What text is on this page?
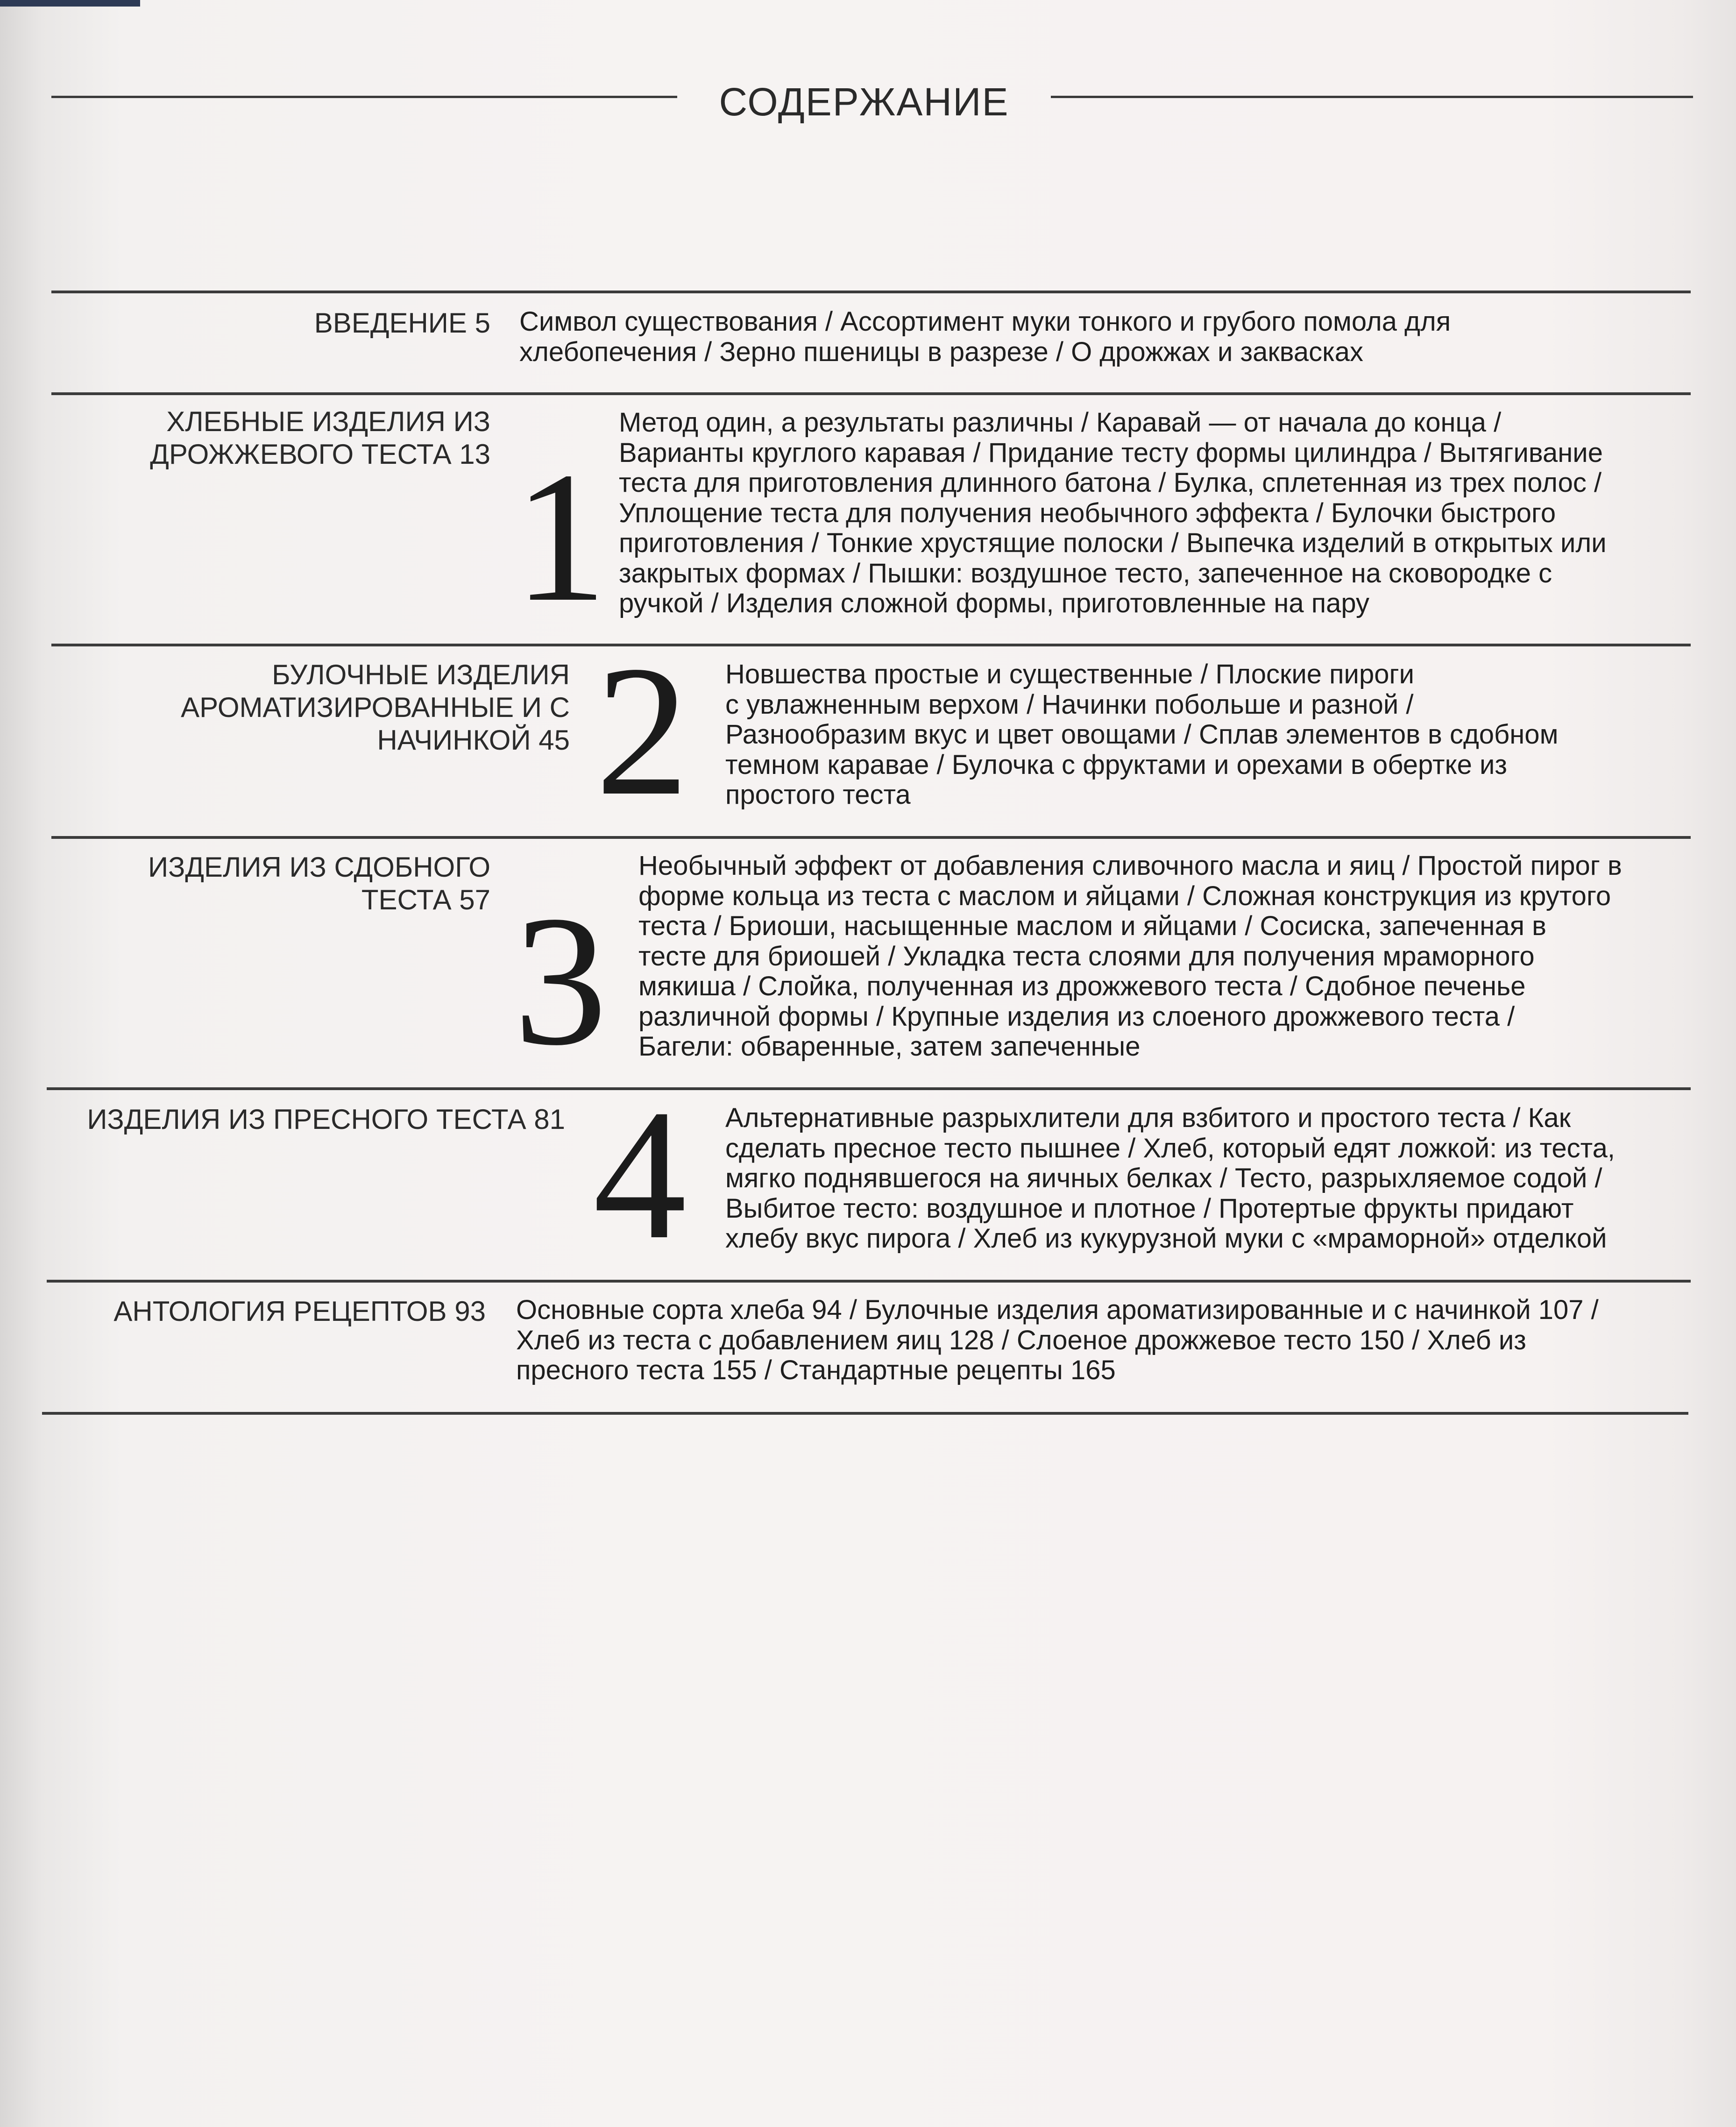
СОДЕРЖАНИЕ
ВВЕДЕНИЕ 5 Символ существования / Ассортимент муки тонкого и грубого помола для
хлебопечения / Зерно пшеницы в разрезе / О дрожжах и заквасках
ХЛЕБНЫЕ ИЗДЕЛИЯ ИЗ
ДРОЖЖЕВОГО ТЕСТА 13 1
Метод один, а результаты различны / Каравай — от начала до конца /
Варианты круглого каравая / Придание тесту формы цилиндра / Вытягивание
теста для приготовления длинного батона / Булка, сплетенная из трех полос /
Уплощение теста для получения необычного эффекта / Булочки быстрого
приготовления / Тонкие хрустящие полоски / Выпечка изделий в открытых или
закрытых формах / Пышки: воздушное тесто, запеченное на сковородке с
ручкой / Изделия сложной формы, приготовленные на пару
БУЛОЧНЫЕ ИЗДЕЛИЯ
АРОМАТИЗИРОВАННЫЕ И С
НАЧИНКОЙ 45 2 Новшества простые и существенные / Плоские пироги
с увлажненным верхом / Начинки побольше и разной /
Разнообразим вкус и цвет овощами / Сплав элементов в сдобном
темном каравае / Булочка с фруктами и орехами в обертке из
простого теста
ИЗДЕЛИЯ ИЗ СДОБНОГО
ТЕСТА 57 3
Необычный эффект от добавления сливочного масла и яиц / Простой пирог в
форме кольца из теста с маслом и яйцами / Сложная конструкция из крутого
теста / Бриоши, насыщенные маслом и яйцами / Сосиска, запеченная в
тесте для бриошей / Укладка теста слоями для получения мраморного
мякиша / Слойка, полученная из дрожжевого теста / Сдобное печенье
различной формы / Крупные изделия из слоеного дрожжевого теста /
Багели: обваренные, затем запеченные
ИЗДЕЛИЯ ИЗ ПРЕСНОГО ТЕСТА 81 4 Альтернативные разрыхлители для взбитого и простого теста / Как
сделать пресное тесто пышнее / Хлеб, который едят ложкой: из теста,
мягко поднявшегося на яичных белках / Тесто, разрыхляемое содой /
Выбитое тесто: воздушное и плотное / Протертые фрукты придают
хлебу вкус пирога / Хлеб из кукурузной муки с «мраморной» отделкой
АНТОЛОГИЯ РЕЦЕПТОВ 93 Основные сорта хлеба 94 / Булочные изделия ароматизированные и с начинкой 107 /
Хлеб из теста с добавлением яиц 128 / Слоеное дрожжевое тесто 150 / Хлеб из
пресного теста 155 / Стандартные рецепты 165
